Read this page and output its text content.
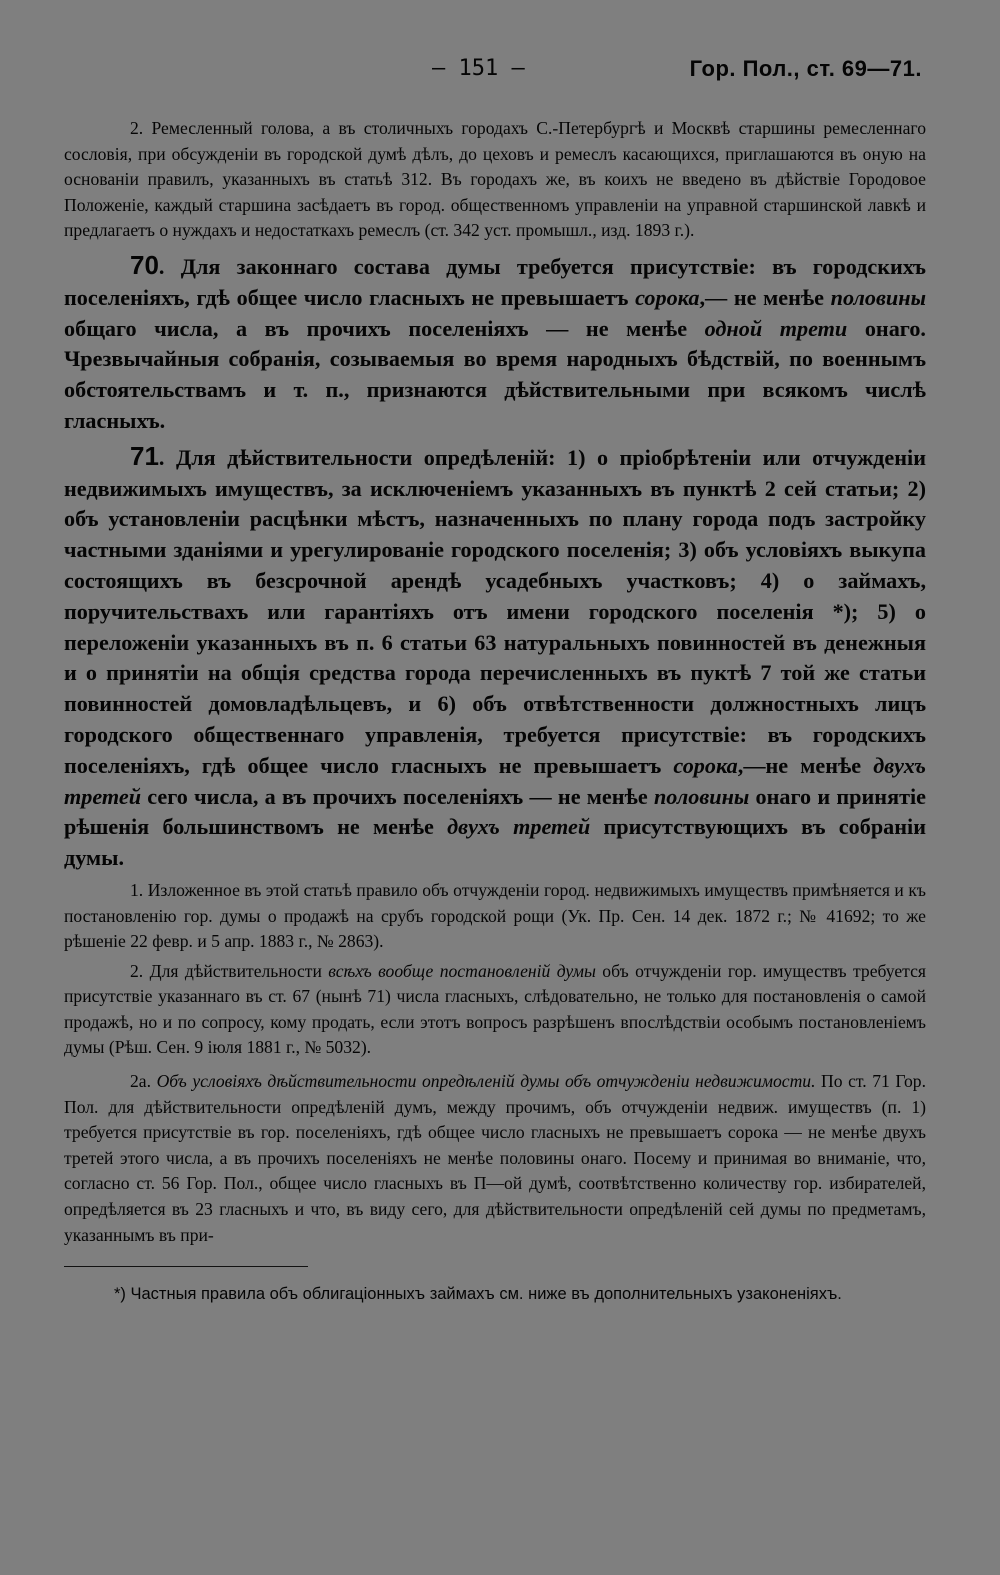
— 151 —	Гор. Пол., ст. 69—71.

2. Ремесленный голова, а въ столичныхъ городахъ С.-Петербургѣ и Москвѣ старшины ремесленнаго сословія, при обсужденіи въ городской думѣ дѣлъ, до цеховъ и ремеслъ касающихся, приглашаются въ оную на основаніи правилъ, указанныхъ въ статьѣ 312. Въ городахъ же, въ коихъ не введено въ дѣйствіе Городовое Положеніе, каждый старшина засѣдаетъ въ город. общественномъ управленіи на управной старшинской лавкѣ и предлагаетъ о нуждахъ и недостаткахъ ремеслъ (ст. 342 уст. промышл., изд. 1893 г.).

70. Для законнаго состава думы требуется присутствіе: въ городскихъ поселеніяхъ, гдѣ общее число гласныхъ не превышаетъ сорока,— не менѣе половины общаго числа, а въ прочихъ поселеніяхъ — не менѣе одной трети онаго. Чрезвычайныя собранія, созываемыя во время народныхъ бѣдствій, по военнымъ обстоятельствамъ и т. п., признаются дѣйствительными при всякомъ числѣ гласныхъ.

71. Для дѣйствительности опредѣленій: 1) о пріобрѣтеніи или отчужденіи недвижимыхъ имуществъ, за исключеніемъ указанныхъ въ пунктѣ 2 сей статьи; 2) объ установленіи расцѣнки мѣстъ, назначенныхъ по плану города подъ застройку частными зданіями и урегулированіе городского поселенія; 3) объ условіяхъ выкупа состоящихъ въ безсрочной арендѣ усадебныхъ участковъ; 4) о займахъ, поручительствахъ или гарантіяхъ отъ имени городского поселенія *); 5) о переложеніи указанныхъ въ п. 6 статьи 63 натуральныхъ повинностей въ денежныя и о принятіи на общія средства города перечисленныхъ въ пуктѣ 7 той же статьи повинностей домовладѣльцевъ, и 6) объ отвѣтственности должностныхъ лицъ городского общественнаго управленія, требуется присутствіе: въ городскихъ поселеніяхъ, гдѣ общее число гласныхъ не превышаетъ сорока,—не менѣе двухъ третей сего числа, а въ прочихъ поселеніяхъ — не менѣе половины онаго и принятіе рѣшенія большинствомъ не менѣе двухъ третей присутствующихъ въ собраніи думы.

1. Изложенное въ этой статьѣ правило объ отчужденіи город. недвижимыхъ имуществъ примѣняется и къ постановленію гор. думы о продажѣ на срубъ городской рощи (Ук. Пр. Сен. 14 дек. 1872 г.; № 41692; то же рѣшеніе 22 февр. и 5 апр. 1883 г., № 2863).

2. Для дѣйствительности всѣхъ вообще постановленій думы объ отчужденіи гор. имуществъ требуется присутствіе указаннаго въ ст. 67 (нынѣ 71) числа гласныхъ, слѣдовательно, не только для постановленія о самой продажѣ, но и по сопросу, кому продать, если этотъ вопросъ разрѣшенъ впослѣдствіи особымъ постановленіемъ думы (Рѣш. Сен. 9 іюля 1881 г., № 5032).

2а. Объ условіяхъ дѣйствительности опредѣленій думы объ отчужденіи недвижимости. По ст. 71 Гор. Пол. для дѣйствительности опредѣленій думъ, между прочимъ, объ отчужденіи недвиж. имуществъ (п. 1) требуется присутствіе въ гор. поселеніяхъ, гдѣ общее число гласныхъ не превышаетъ сорока — не менѣе двухъ третей этого числа, а въ прочихъ поселеніяхъ не менѣе половины онаго. Посему и принимая во вниманіе, что, согласно ст. 56 Гор. Пол., общее число гласныхъ въ П—ой думѣ, соотвѣтственно количеству гор. избирателей, опредѣляется въ 23 гласныхъ и что, въ виду сего, для дѣйствительности опредѣленій сей думы по предметамъ, указаннымъ въ при-

*) Частныя правила объ облигаціонныхъ займахъ см. ниже въ дополнительныхъ узаконеніяхъ.
